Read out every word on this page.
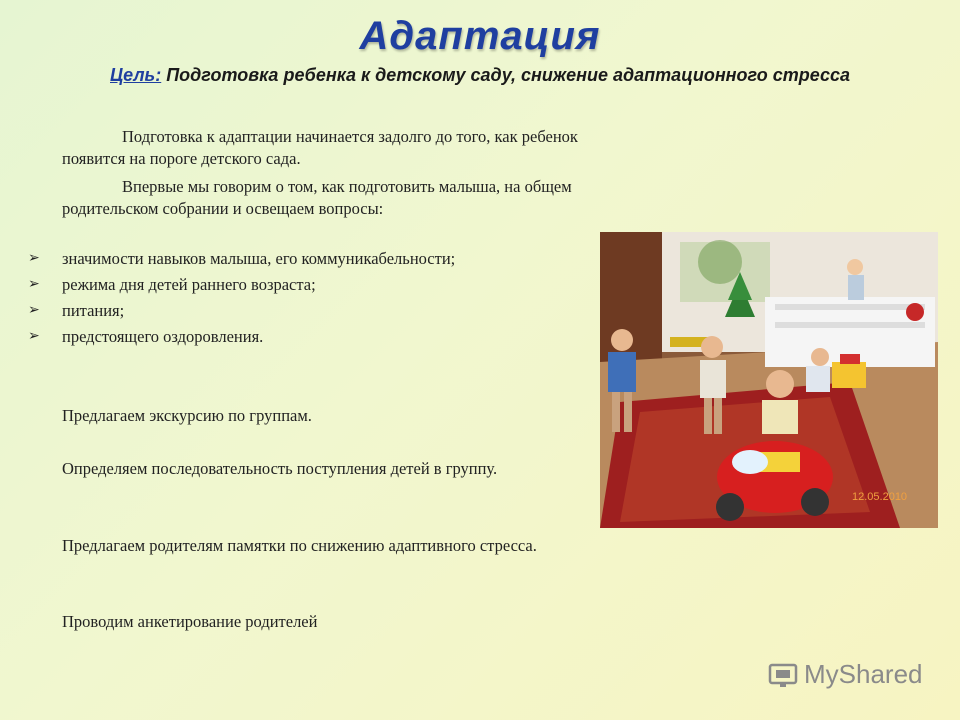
Адаптация
Цель: Подготовка ребенка к детскому саду, снижение адаптационного стресса
Подготовка к адаптации начинается задолго до того, как ребенок появится на пороге детского сада.
Впервые мы говорим о том, как подготовить малыша, на общем родительском собрании и освещаем вопросы:
➢ значимости навыков малыша, его коммуникабельности;
➢ режима дня детей раннего возраста;
➢ питания;
➢ предстоящего оздоровления.
Предлагаем экскурсию по группам.
Определяем последовательность поступления детей в группу.
Предлагаем родителям памятки по снижению адаптивного стресса.
Проводим анкетирование родителей
12.05.2010
MyShared
